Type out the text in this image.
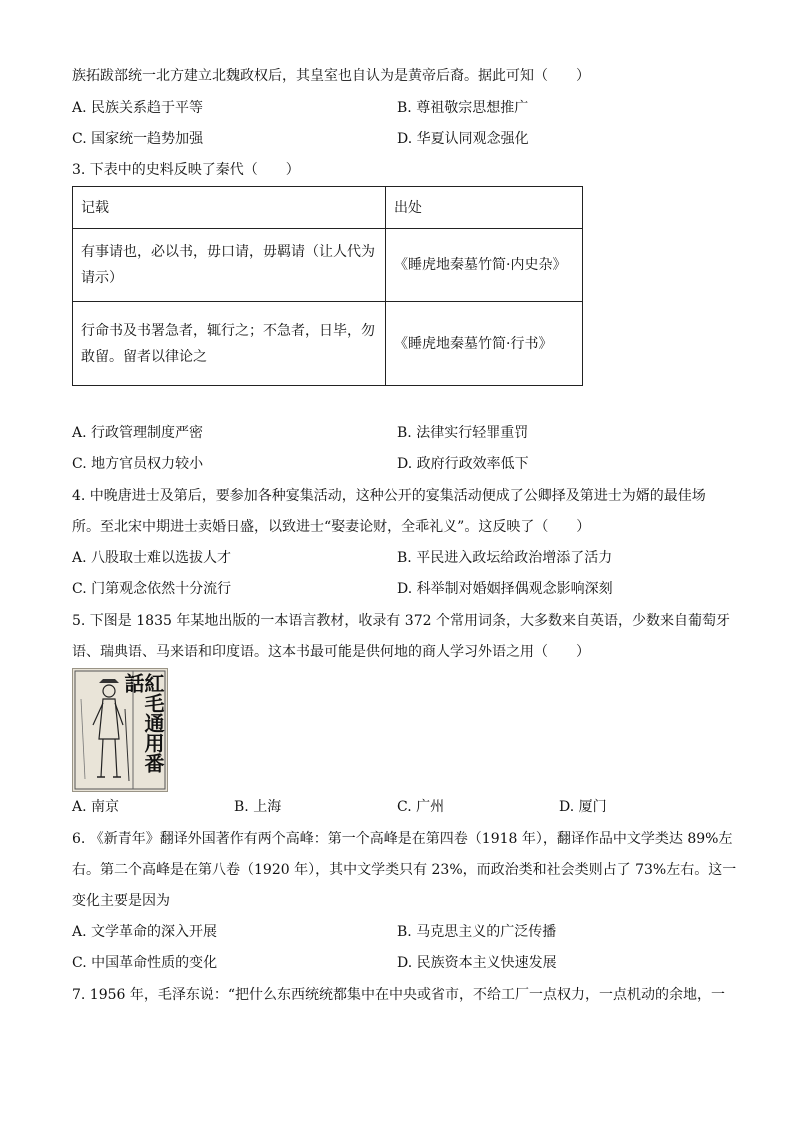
族拓跋部统一北方建立北魏政权后，其皇室也自认为是黄帝后裔。据此可知（　　）
A. 民族关系趋于平等	B. 尊祖敬宗思想推广
C. 国家统一趋势加强	D. 华夏认同观念强化
3. 下表中的史料反映了秦代（　　）
记载	出处

有事请也，必以书，毋口请，毋羁请（让人代为
请示）	《睡虎地秦墓竹简·内史杂》

行命书及书署急者，辄行之；不急者，日毕，勿
敢留。留者以律论之	《睡虎地秦墓竹简·行书》
A. 行政管理制度严密	B. 法律实行轻罪重罚
C. 地方官员权力较小	D. 政府行政效率低下
4. 中晚唐进士及第后，要参加各种宴集活动，这种公开的宴集活动便成了公卿择及第进士为婿的最佳场
所。至北宋中期进士卖婚日盛，以致进士“娶妻论财，全乖礼义”。这反映了（　　）
A. 八股取士难以选拔人才	B. 平民进入政坛给政治增添了活力
C. 门第观念依然十分流行	D. 科举制对婚姻择偶观念影响深刻
5. 下图是 1835 年某地出版的一本语言教材，收录有 372 个常用词条，大多数来自英语，少数来自葡萄牙
语、瑞典语、马来语和印度语。这本书最可能是供何地的商人学习外语之用（　　）
紅毛通用番話
A. 南京	B. 上海	C. 广州	D. 厦门
6. 《新青年》翻译外国著作有两个高峰：第一个高峰是在第四卷（1918 年），翻译作品中文学类达 89%左
右。第二个高峰是在第八卷（1920 年），其中文学类只有 23%，而政治类和社会类则占了 73%左右。这一
变化主要是因为
A. 文学革命的深入开展	B. 马克思主义的广泛传播
C. 中国革命性质的变化	D. 民族资本主义快速发展
7. 1956 年，毛泽东说：“把什么东西统统都集中在中央或省市，不给工厂一点权力，一点机动的余地，一
